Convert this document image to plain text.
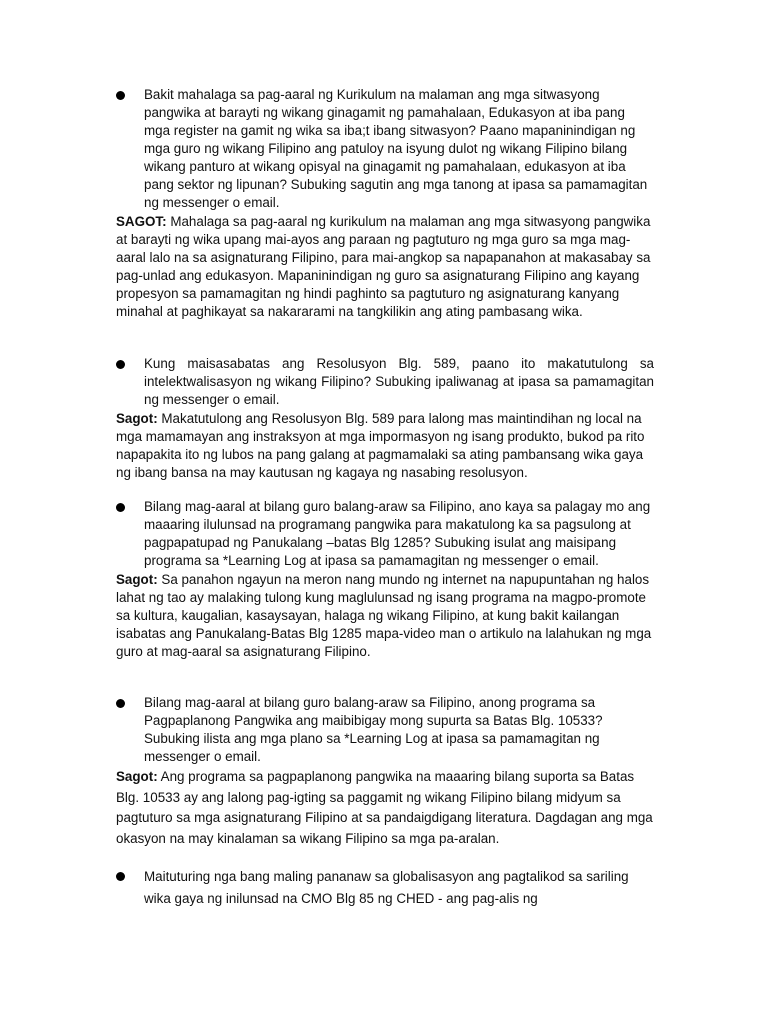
Bakit mahalaga sa pag-aaral ng Kurikulum na malaman ang mga sitwasyong pangwika at barayti ng wikang ginagamit ng pamahalaan, Edukasyon at iba pang mga register na gamit ng wika sa iba;t ibang sitwasyon? Paano mapaninindigan ng mga guro ng wikang Filipino ang patuloy na isyung dulot ng wikang Filipino bilang wikang panturo at wikang opisyal na ginagamit ng pamahalaan, edukasyon at iba pang sektor ng lipunan? Subuking sagutin ang mga tanong at ipasa sa pamamagitan ng messenger o email.
SAGOT: Mahalaga sa pag-aaral ng kurikulum na malaman ang mga sitwasyong pangwika at barayti ng wika upang mai-ayos ang paraan ng pagtuturo ng mga guro sa mga mag-aaral lalo na sa asignaturang Filipino, para mai-angkop sa napapanahon at makasabay sa pag-unlad ang edukasyon. Mapaninindigan ng guro sa asignaturang Filipino ang kayang propesyon sa pamamagitan ng hindi paghinto sa pagtuturo ng asignaturang kanyang minahal at paghikayat sa nakararami na tangkilikin ang ating pambasang wika.
Kung maisasabatas ang Resolusyon Blg. 589, paano ito makatutulong sa intelektwalisasyon ng wikang Filipino? Subuking ipaliwanag at ipasa sa pamamagitan ng messenger o email.
Sagot: Makatutulong ang Resolusyon Blg. 589 para lalong mas maintindihan ng local na mga mamamayan ang instraksyon at mga impormasyon ng isang produkto, bukod pa rito napapakita ito ng lubos na pang galang at pagmamalaki sa ating pambansang wika gaya ng ibang bansa na may kautusan ng kagaya ng nasabing resolusyon.
Bilang mag-aaral at bilang guro balang-araw sa Filipino, ano kaya sa palagay mo ang maaaring ilulunsad na programang pangwika para makatulong ka sa pagsulong at pagpapatupad ng Panukalang –batas Blg 1285? Subuking isulat ang maisipang programa sa *Learning Log at ipasa sa pamamagitan ng messenger o email.
Sagot: Sa panahon ngayun na meron nang mundo ng internet na napupuntahan ng halos lahat ng tao ay malaking tulong kung maglulunsad ng isang programa na magpo-promote sa kultura, kaugalian, kasaysayan, halaga ng wikang Filipino, at kung bakit kailangan isabatas ang Panukalang-Batas Blg 1285 mapa-video man o artikulo na lalahukan ng mga guro at mag-aaral sa asignaturang Filipino.
Bilang mag-aaral at bilang guro balang-araw sa Filipino, anong programa sa Pagpaplanong Pangwika ang maibibigay mong supurta sa Batas Blg. 10533? Subuking ilista ang mga plano sa *Learning Log at ipasa sa pamamagitan ng messenger o email.
Sagot: Ang programa sa pagpaplanong pangwika na maaaring bilang suporta sa Batas Blg. 10533 ay ang lalong pag-igting sa paggamit ng wikang Filipino bilang midyum sa pagtuturo sa mga asignaturang Filipino at sa pandaigdigang literatura. Dagdagan ang mga okasyon na may kinalaman sa wikang Filipino sa mga pa-aralan.
Maituturing nga bang maling pananaw sa globalisasyon ang pagtalikod sa sariling wika gaya ng inilunsad na CMO Blg 85 ng CHED - ang pag-alis ng
